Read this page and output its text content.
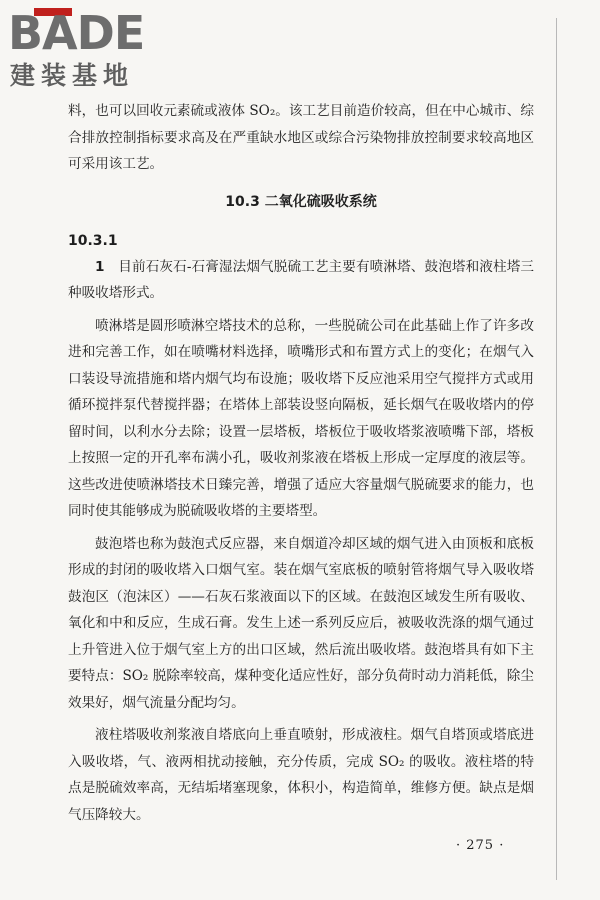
BADE
建装基地

料，也可以回收元素硫或液体 SO₂。该工艺目前造价较高，但在中心城市、综合排放控制指标要求高及在严重缺水地区或综合污染物排放控制要求较高地区可采用该工艺。

10.3 二氧化硫吸收系统
10.3.1

1　 目前石灰石-石膏湿法烟气脱硫工艺主要有喷淋塔、鼓泡塔和液柱塔三种吸收塔形式。

喷淋塔是圆形喷淋空塔技术的总称，一些脱硫公司在此基础上作了许多改进和完善工作，如在喷嘴材料选择，喷嘴形式和布置方式上的变化；在烟气入口装设导流措施和塔内烟气均布设施；吸收塔下反应池采用空气搅拌方式或用循环搅拌泵代替搅拌器；在塔体上部装设竖向隔板，延长烟气在吸收塔内的停留时间，以利水分去除；设置一层塔板，塔板位于吸收塔浆液喷嘴下部，塔板上按照一定的开孔率布满小孔，吸收剂浆液在塔板上形成一定厚度的液层等。这些改进使喷淋塔技术日臻完善，增强了适应大容量烟气脱硫要求的能力，也同时使其能够成为脱硫吸收塔的主要塔型。

鼓泡塔也称为鼓泡式反应器，来自烟道冷却区域的烟气进入由顶板和底板形成的封闭的吸收塔入口烟气室。装在烟气室底板的喷射管将烟气导入吸收塔鼓泡区（泡沫区）——石灰石浆液面以下的区域。在鼓泡区域发生所有吸收、氧化和中和反应，生成石膏。发生上述一系列反应后，被吸收洗涤的烟气通过上升管进入位于烟气室上方的出口区域，然后流出吸收塔。鼓泡塔具有如下主要特点：SO₂ 脱除率较高，煤种变化适应性好，部分负荷时动力消耗低，除尘效果好，烟气流量分配均匀。

液柱塔吸收剂浆液自塔底向上垂直喷射，形成液柱。烟气自塔顶或塔底进入吸收塔，气、液两相扰动接触，充分传质，完成 SO₂ 的吸收。液柱塔的特点是脱硫效率高，无结垢堵塞现象，体积小，构造简单，维修方便。缺点是烟气压降较大。

· 275 ·
